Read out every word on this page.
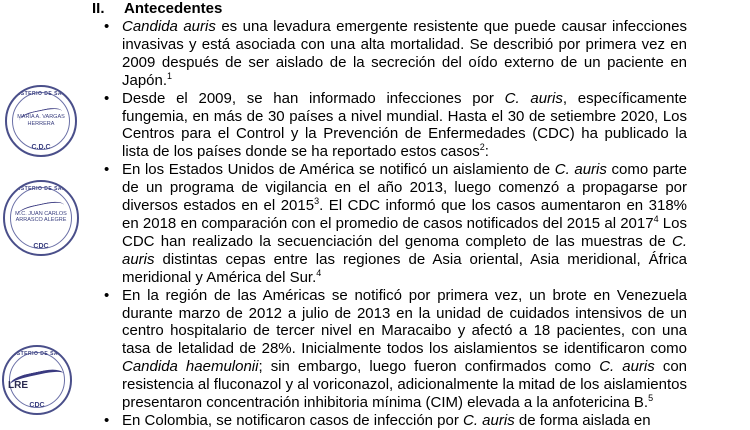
II. Antecedentes
• Candida auris es una levadura emergente resistente que puede causar infecciones invasivas y está asociada con una alta mortalidad. Se describió por primera vez en 2009 después de ser aislado de la secreción del oído externo de un paciente en Japón.$^1$
• Desde el 2009, se han informado infecciones por C. auris, específicamente fungemia, en más de 30 países a nivel mundial. Hasta el 30 de setiembre 2020, Los Centros para el Control y la Prevención de Enfermedades (CDC) ha publicado la lista de los países donde se ha reportado estos casos$^2$:
• En los Estados Unidos de América se notificó un aislamiento de C. auris como parte de un programa de vigilancia en el año 2013, luego comenzó a propagarse por diversos estados en el 2015$^3$. El CDC informó que los casos aumentaron en 318% en 2018 en comparación con el promedio de casos notificados del 2015 al 2017$^4$ Los CDC han realizado la secuenciación del genoma completo de las muestras de C. auris distintas cepas entre las regiones de Asia oriental, Asia meridional, África meridional y América del Sur.$^4$
• En la región de las Américas se notificó por primera vez, un brote en Venezuela durante marzo de 2012 a julio de 2013 en la unidad de cuidados intensivos de un centro hospitalario de tercer nivel en Maracaibo y afectó a 18 pacientes, con una tasa de letalidad de 28%. Inicialmente todos los aislamientos se identificaron como Candida haemulonii; sin embargo, luego fueron confirmados como C. auris con resistencia al fluconazol y al voriconazol, adicionalmente la mitad de los aislamientos presentaron concentración inhibitoria mínima (CIM) elevada a la anfotericina B.$^5$
• En Colombia, se notificaron casos de infección por C. auris de forma aislada en
MINISTERIO DE SALUD
MARIA A. VARGAS HERRERA
C.D.C
MINISTERIO DE SALUD
M.C. JUAN CARLOS ARRASCO ALEGRE
CDC
MINISTERIO DE SALUD
CDC
LRE
